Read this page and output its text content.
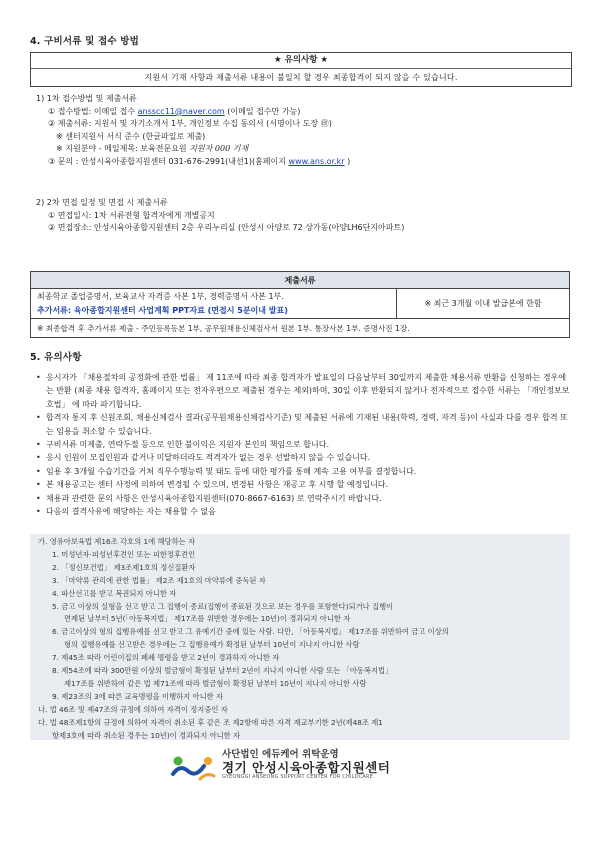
4. 구비서류 및 접수 방법
★ 유의사항 ★
지원서 기재 사항과 제출서류 내용이 불일치 할 경우 최종합격이 되지 않을 수 있습니다.
1) 1차 접수방법 및 제출서류
① 접수방법: 이메일 접수 ansscc11@naver.com (이메일 접수만 가능)
② 제출서류: 지원서 및 자기소개서 1부, 개인정보 수집 동의서 (서명이나 도장 ㊞)
※ 센터지원서 서식 준수 (한글파일로 제출)
※ 지원분야 - 메일제목: 보육전문요원 지원자 000 기재
③ 문의 : 안성시육아종합지원센터 031-676-2991(내선1)(홈페이지 www.ans.or.kr )
2) 2차 면접 일정 및 면접 시 제출서류
① 면접일시: 1차 서류전형 합격자에게 개별공지
② 면접장소: 안성시육아종합지원센터 2층 우리누리실 (안성시 아양로 72 상가동(아양LH6단지아파트)
제출서류
최종학교 졸업증명서, 보육교사 자격증 사본 1부, 경력증명서 사본 1부.	※ 최근 3개월 이내 발급본에 한함
추가서류: 육아종합지원센터 사업계획 PPT자료 (면접시 5분이내 발표)
※ 최종합격 후 추가서류 제출 - 주민등록등본 1부, 공무원채용신체검사서 원본 1부. 통장사본 1부. 증명사진 1장.
5. 유의사항
• 응시자가 「채용절차의 공정화에 관한 법률」 제 11조에 따라 최종 합격자가 발표일의 다음날부터 30일까지 제출한 채용서류 반환을 신청하는 경우에는 반환 (최종 채용 합격자, 홈페이지 또는 전자우편으로 제출된 경우는 제외)하며, 30일 이후 반환되지 않거나 전자적으로 접수한 서류는 「개인정보보호법」 에 따라 파기합니다.
• 합격자 통지 후 신원조회, 채용신체검사 결과(공무원채용신체검사기준) 및 제출된 서류에 기재된 내용(학력, 경력, 자격 등)이 사실과 다를 경우 합격 또는 임용을 취소할 수 있습니다.
• 구비서류 미제출, 연락두절 등으로 인한 불이익은 지원자 본인의 책임으로 합니다.
• 응시 인원이 모집인원과 같거나 미달하더라도 적격자가 없는 경우 선발하지 않을 수 있습니다.
• 임용 후 3개월 수습기간을 거쳐 직무수행능력 및 태도 등에 대한 평가를 통해 계속 고용 여부를 결정합니다.
• 본 채용공고는 센터 사정에 의하여 변경될 수 있으며, 변경된 사항은 재공고 후 시행 할 예정입니다.
• 채용과 관련한 문의 사항은 안성시육아종합지원센터(070-8667-6163) 로 연락주시기 바랍니다.
• 다음의 결격사유에 해당하는 자는 채용할 수 없음
가. 영유아보육법 제16조 각호의 1에 해당하는 자
1. 미성년자·피성년후견인 또는 피한정후견인
2. 「정신보건법」 제3조제1호의 정신질환자
3. 「마약류 관리에 관한 법률」 제2조 제1호의 마약류에 중독된 자
4. 파산선고를 받고 복권되지 아니한 자
5. 금고 이상의 실형을 선고 받고 그 집행이 종료(집행이 종료된 것으로 보는 경우를 포함한다)되거나 집행이
면제된 날부터 5년(「아동복지법」 제17조를 위반한 경우에는 10년)이 경과되지 아니한 자
6. 금고이상의 형의 집행유예를 선고 받고 그 유예기간 중에 있는 사람. 다만, 「아동복지법」 제17조를 위반하여 금고 이상의
형의 집행유예를 선고받은 경우에는 그 집행유예가 확정된 날부터 10년이 지나지 아니한 사람
7. 제45조 따라 어린이집의 폐쇄 명령을 받고 2년이 경과하지 아니한 자
8. 제54조에 따라 300만원 이상의 벌금형이 확정된 날부터 2년이 지나지 아니한 사람 또는 「아동복지법」
제17조를 위반하여 같은 법 제71조에 따라 벌금형이 확정된 날부터 10년이 지나지 아니한 사람
9. 제23조의 3에 따른 교육명령을 이행하지 아니한 자
나. 법 46조 및 제47조의 규정에 의하여 자격이 정지중인 자
다. 법 48조제1항의 규정에 의하여 자격이 취소된 후 같은 조 제2항에 따른 자격 재교부기한 2년(제48조 제1
항제3호에 따라 취소된 경우는 10년)이 경과되지 아니한 자
사단법인 에듀케어 위탁운영
경기 안성시육아종합지원센터
GYEONGGI ANSEONG SUPPORT CENTER FOR CHILDCARE
